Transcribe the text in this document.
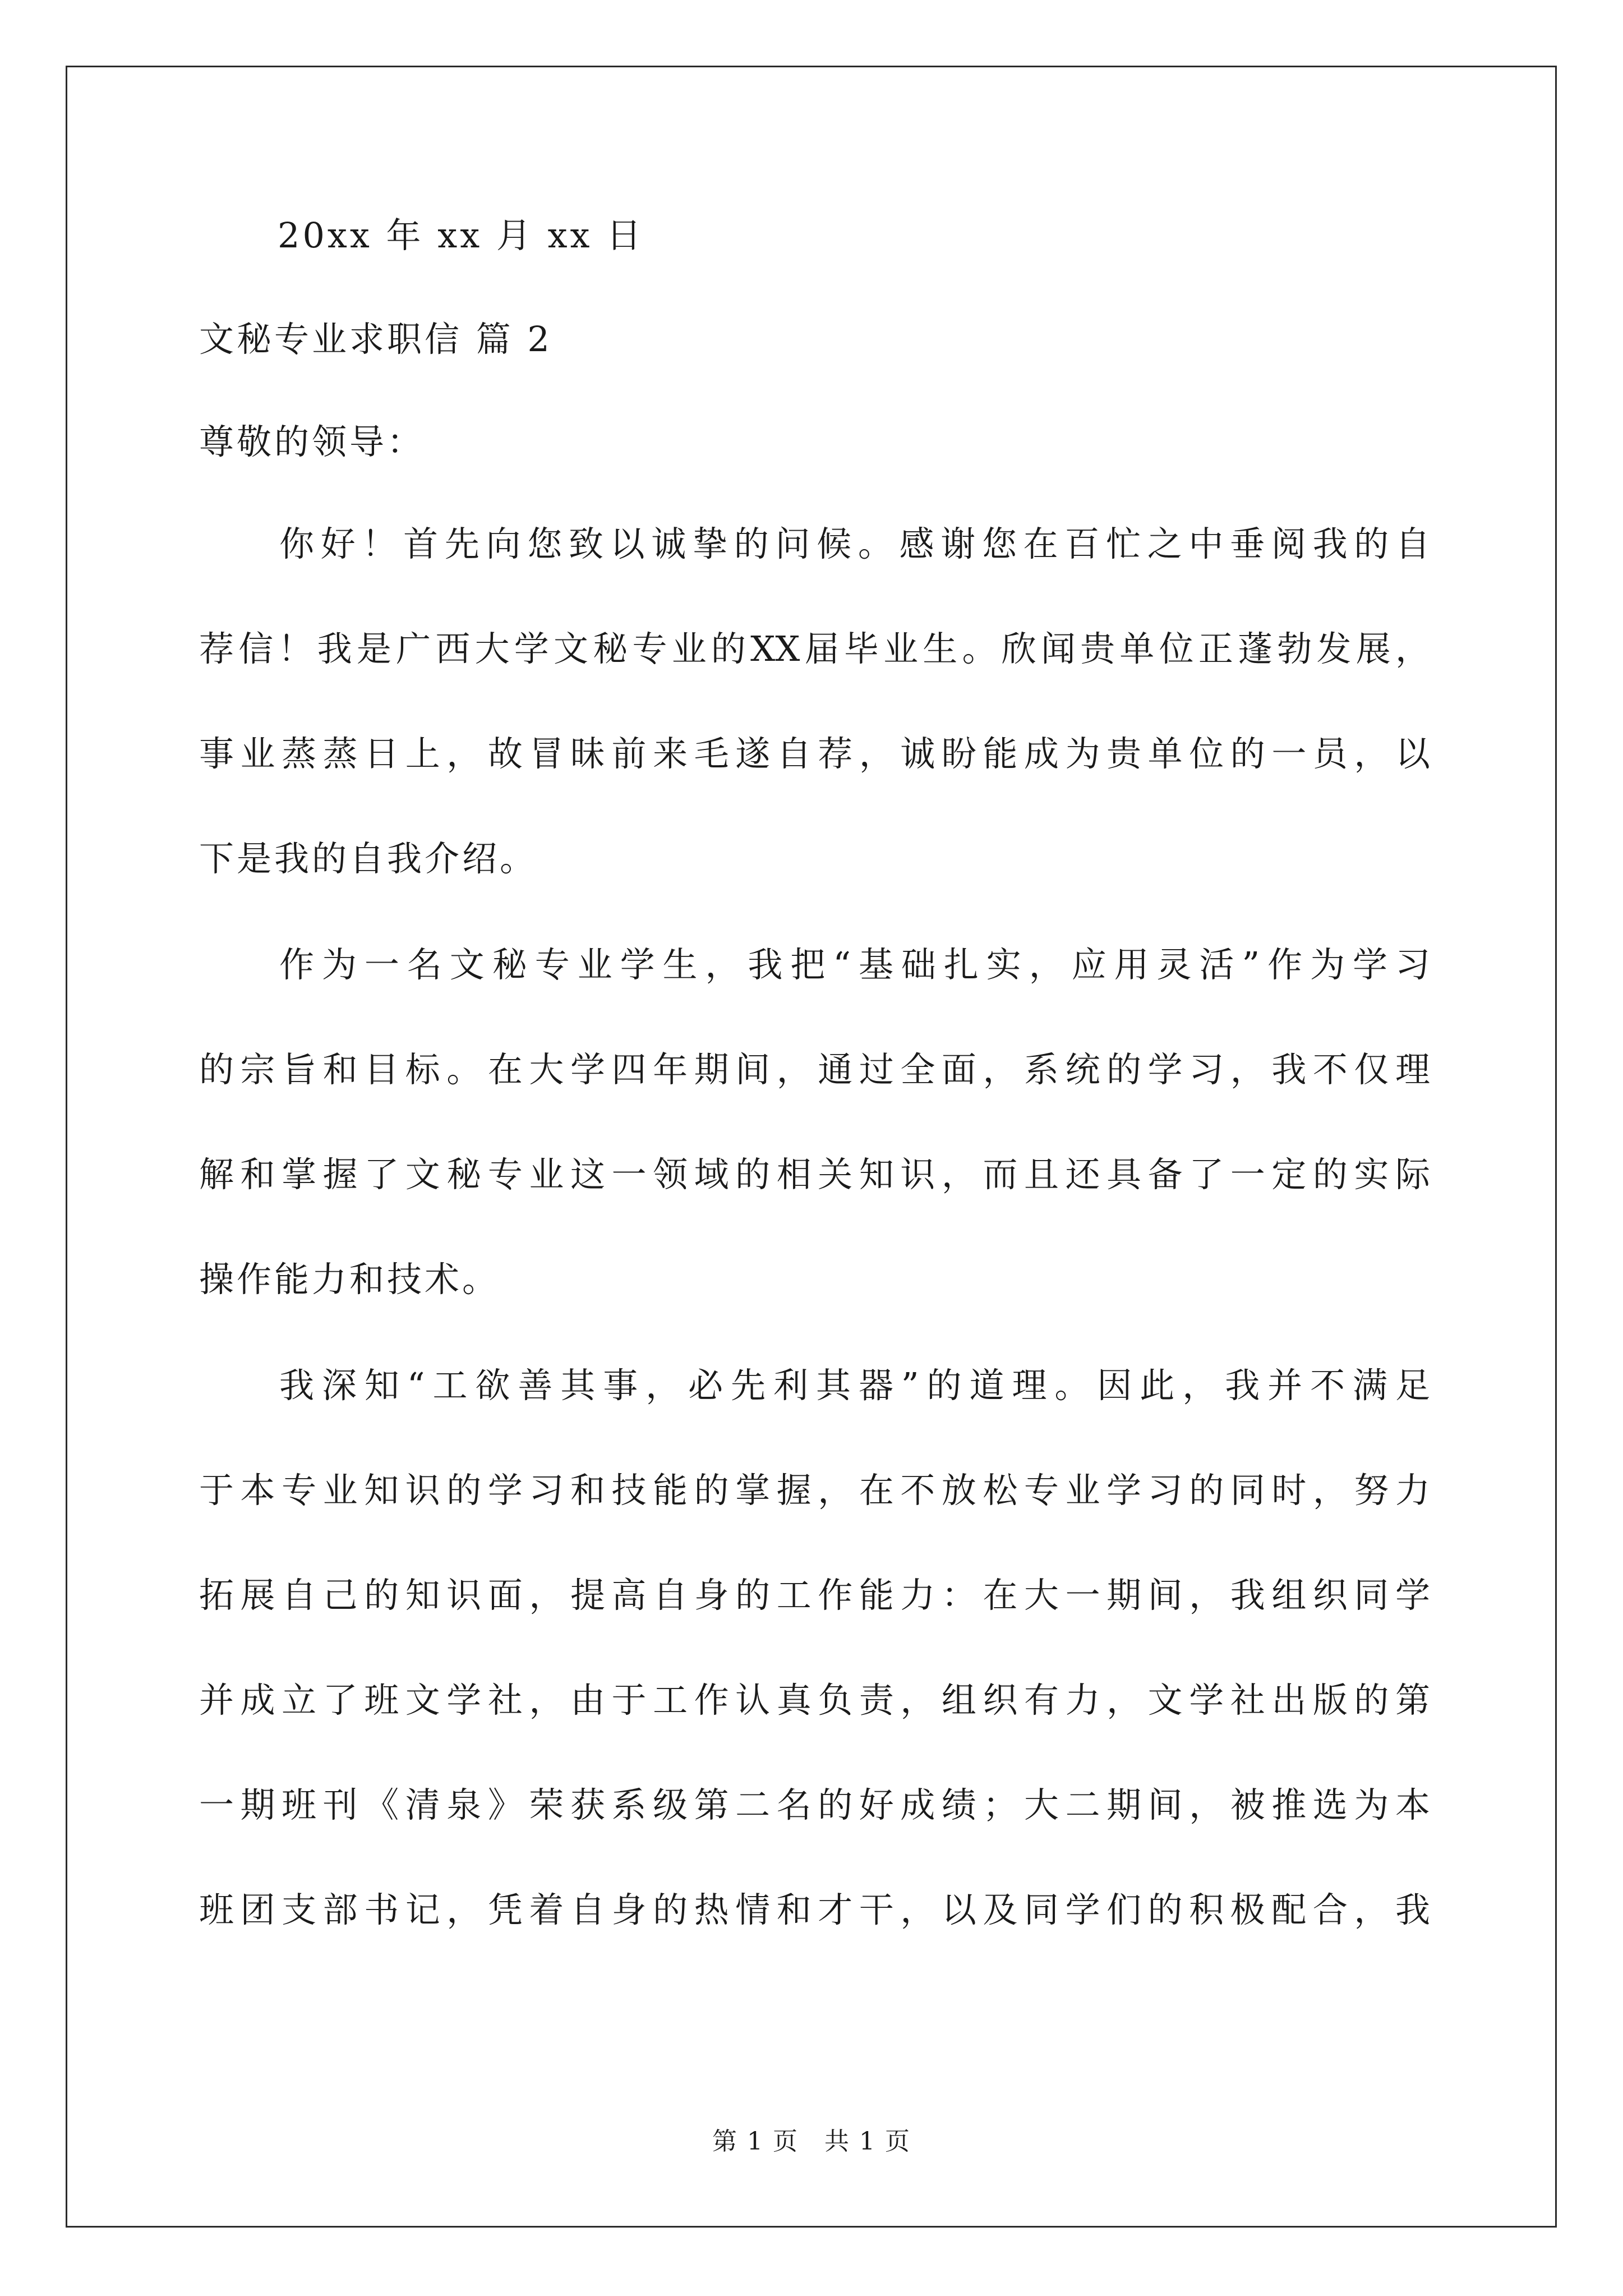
20xx 年 xx 月 xx 日
文秘专业求职信 篇 2
尊敬的领导：
你好！首先向您致以诚挚的问候。感谢您在百忙之中垂阅我的自
荐信！我是广西大学文秘专业的XX届毕业生。欣闻贵单位正蓬勃发展，
事业蒸蒸日上，故冒昧前来毛遂自荐，诚盼能成为贵单位的一员，以
下是我的自我介绍。
作为一名文秘专业学生，我把“基础扎实，应用灵活”作为学习
的宗旨和目标。在大学四年期间，通过全面，系统的学习，我不仅理
解和掌握了文秘专业这一领域的相关知识，而且还具备了一定的实际
操作能力和技术。
我深知“工欲善其事，必先利其器”的道理。因此，我并不满足
于本专业知识的学习和技能的掌握，在不放松专业学习的同时，努力
拓展自己的知识面，提高自身的工作能力：在大一期间，我组织同学
并成立了班文学社，由于工作认真负责，组织有力，文学社出版的第
一期班刊《清泉》荣获系级第二名的好成绩；大二期间，被推选为本
班团支部书记，凭着自身的热情和才干，以及同学们的积极配合，我
第 1 页　共 1 页
